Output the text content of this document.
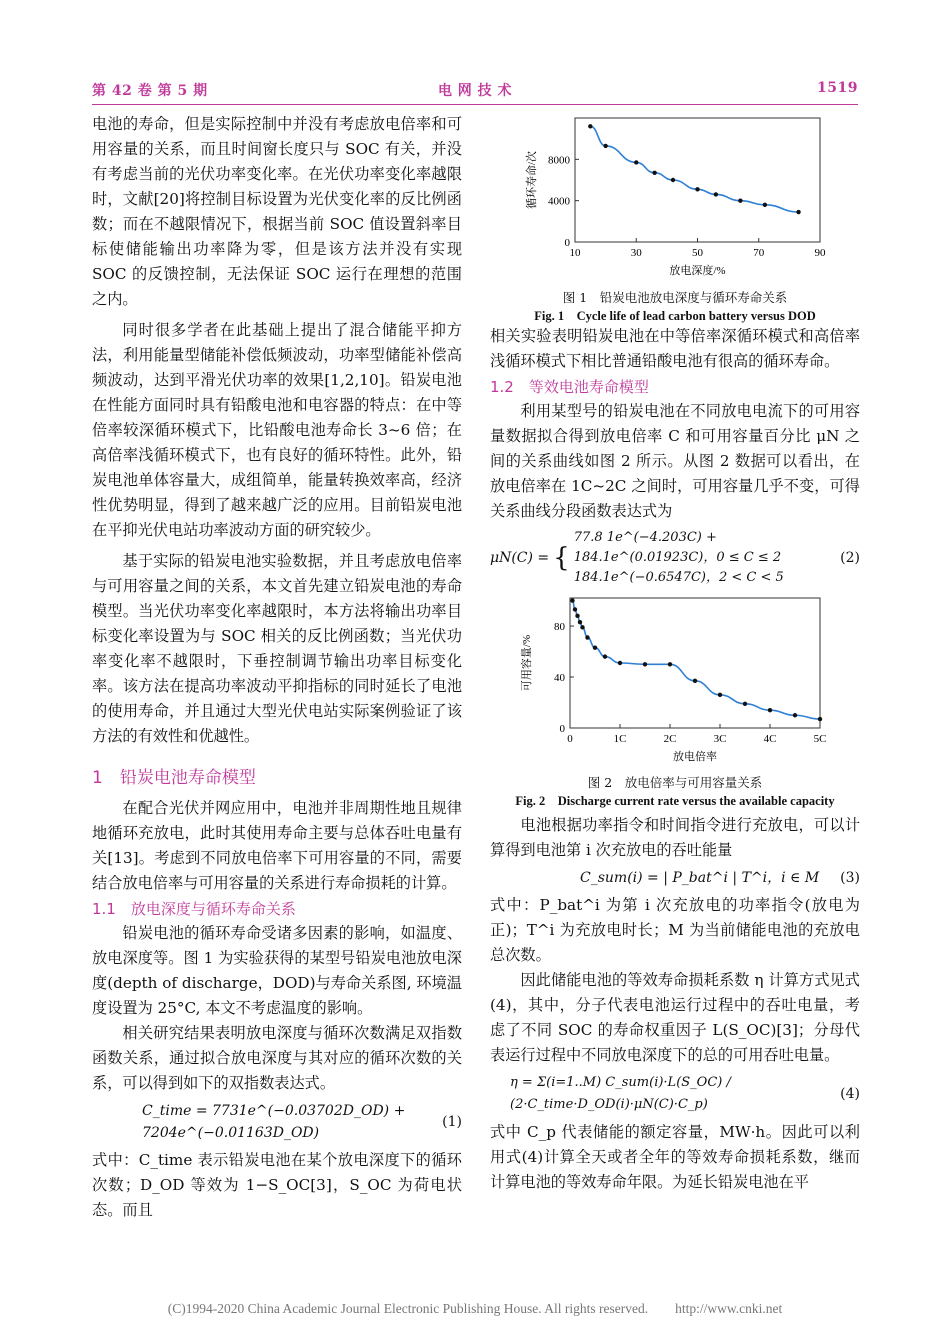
第 42 卷 第 5 期	电 网 技 术	1519

电池的寿命，但是实际控制中并没有考虑放电倍率和可用容量的关系，而且时间窗长度只与 SOC 有关，并没有考虑当前的光伏功率变化率。在光伏功率变化率越限时，文献[20]将控制目标设置为光伏变化率的反比例函数；而在不越限情况下，根据当前 SOC 值设置斜率目标使储能输出功率降为零，但是该方法并没有实现 SOC 的反馈控制，无法保证 SOC 运行在理想的范围之内。

同时很多学者在此基础上提出了混合储能平抑方法，利用能量型储能补偿低频波动，功率型储能补偿高频波动，达到平滑光伏功率的效果[1,2,10]。铅炭电池在性能方面同时具有铅酸电池和电容器的特点：在中等倍率较深循环模式下，比铅酸电池寿命长 3~6 倍；在高倍率浅循环模式下，也有良好的循环特性。此外，铅炭电池单体容量大，成组简单，能量转换效率高，经济性优势明显，得到了越来越广泛的应用。目前铅炭电池在平抑光伏电站功率波动方面的研究较少。

基于实际的铅炭电池实验数据，并且考虑放电倍率与可用容量之间的关系，本文首先建立铅炭电池的寿命模型。当光伏功率变化率越限时，本方法将输出功率目标变化率设置为与 SOC 相关的反比例函数；当光伏功率变化率不越限时，下垂控制调节输出功率目标变化率。该方法在提高功率波动平抑指标的同时延长了电池的使用寿命，并且通过大型光伏电站实际案例验证了该方法的有效性和优越性。

1　铅炭电池寿命模型

在配合光伏并网应用中，电池并非周期性地且规律地循环充放电，此时其使用寿命主要与总体吞吐电量有关[13]。考虑到不同放电倍率下可用容量的不同，需要结合放电倍率与可用容量的关系进行寿命损耗的计算。

1.1　放电深度与循环寿命关系

铅炭电池的循环寿命受诸多因素的影响，如温度、放电深度等。图 1 为实验获得的某型号铅炭电池放电深度(depth of discharge，DOD)与寿命关系图, 环境温度设置为 25°C, 本文不考虑温度的影响。

相关研究结果表明放电深度与循环次数满足双指数函数关系，通过拟合放电深度与其对应的循环次数的关系，可以得到如下的双指数表达式。

C_time = 7731e^(−0.03702D_OD) + 7204e^(−0.01163D_OD)
(1)

式中：C_time 表示铅炭电池在某个放电深度下的循环次数；D_OD 等效为 1−S_OC[3]，S_OC 为荷电状态。而且

10	30	50	70	90
0
4000
8000
放电深度/%
循环寿命/次
图 1　铅炭电池放电深度与循环寿命关系
Fig. 1　Cycle life of lead carbon battery versus DOD

相关实验表明铅炭电池在中等倍率深循环模式和高倍率浅循环模式下相比普通铅酸电池有很高的循环寿命。

1.2　等效电池寿命模型

利用某型号的铅炭电池在不同放电电流下的可用容量数据拟合得到放电倍率 C 和可用容量百分比 μN 之间的关系曲线如图 2 所示。从图 2 数据可以看出，在放电倍率在 1C~2C 之间时，可用容量几乎不变，可得关系曲线分段函数表达式为

μN(C) = {
77.8 1e^(−4.203C) + 184.1e^(0.01923C)，0 ≤ C ≤ 2
184.1e^(−0.6547C)，2 < C < 5
(2)
0	1C	2C	3C	4C	5C
0
40
80
放电倍率
可用容量/%
图 2　放电倍率与可用容量关系
Fig. 2　Discharge current rate versus the available capacity

电池根据功率指令和时间指令进行充放电，可以计算得到电池第 i 次充放电的吞吐能量

C_sum(i) = | P_bat^i | T^i，i ∈ M (3)

式中：P_bat^i 为第 i 次充放电的功率指令(放电为正)；T^i 为充放电时长；M 为当前储能电池的充放电总次数。

因此储能电池的等效寿命损耗系数 η 计算方式见式(4)，其中，分子代表电池运行过程中的吞吐电量，考虑了不同 SOC 的寿命权重因子 L(S_OC)[3]；分母代表运行过程中不同放电深度下的总的可用吞吐电量。

η = Σ(i=1..M) C_sum(i)·L(S_OC) / (2·C_time·D_OD(i)·μN(C)·C_p)
(4)

式中 C_p 代表储能的额定容量，MW·h。因此可以利用式(4)计算全天或者全年的等效寿命损耗系数，继而计算电池的等效寿命年限。为延长铅炭电池在平

(C)1994-2020 China Academic Journal Electronic Publishing House. All rights reserved.　　http://www.cnki.net
